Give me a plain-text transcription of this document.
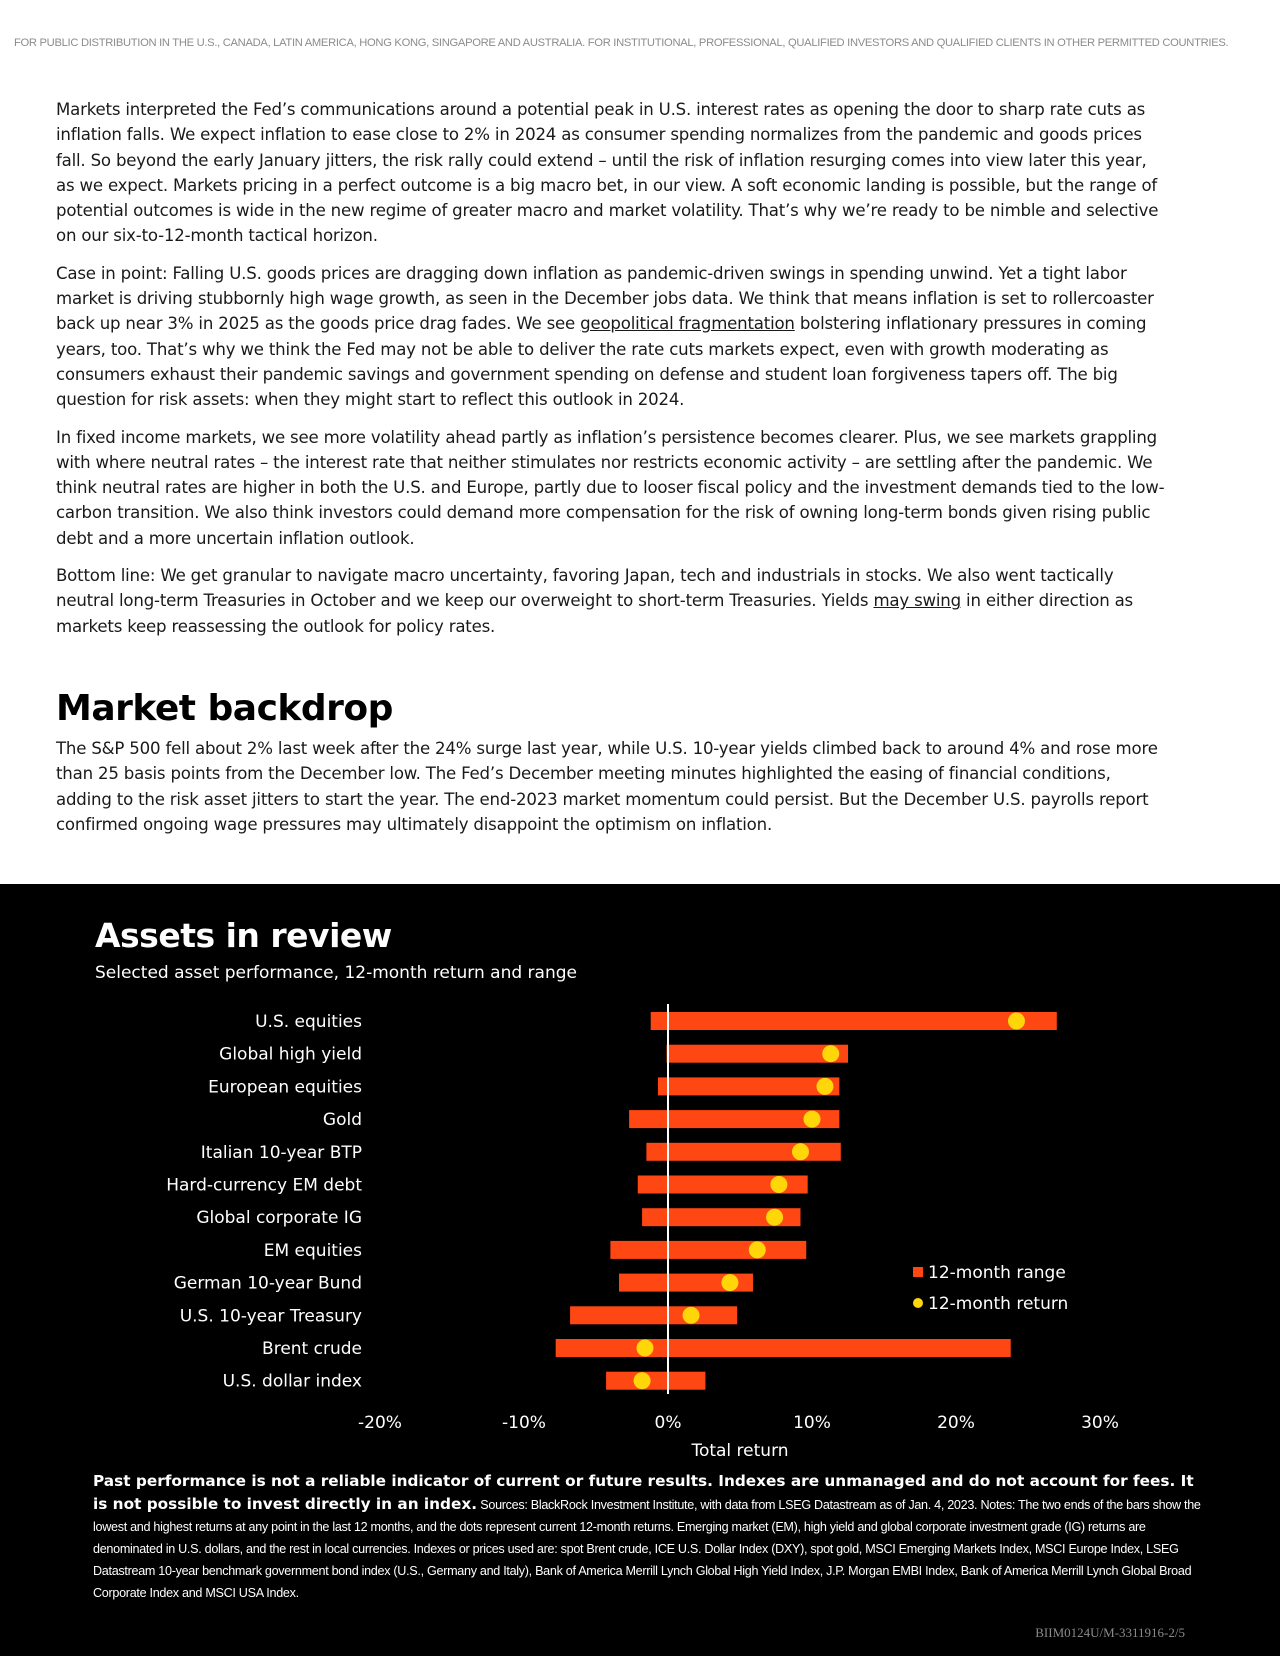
FOR PUBLIC DISTRIBUTION IN THE U.S., CANADA, LATIN AMERICA, HONG KONG, SINGAPORE AND AUSTRALIA. FOR INSTITUTIONAL, PROFESSIONAL, QUALIFIED INVESTORS AND QUALIFIED CLIENTS IN OTHER PERMITTED COUNTRIES.

Markets interpreted the Fed’s communications around a potential peak in U.S. interest rates as opening the door to sharp rate cuts as inflation falls. We expect inflation to ease close to 2% in 2024 as consumer spending normalizes from the pandemic and goods prices fall. So beyond the early January jitters, the risk rally could extend – until the risk of inflation resurging comes into view later this year, as we expect. Markets pricing in a perfect outcome is a big macro bet, in our view. A soft economic landing is possible, but the range of potential outcomes is wide in the new regime of greater macro and market volatility. That’s why we’re ready to be nimble and selective on our six-to-12-month tactical horizon.

Case in point: Falling U.S. goods prices are dragging down inflation as pandemic-driven swings in spending unwind. Yet a tight labor market is driving stubbornly high wage growth, as seen in the December jobs data. We think that means inflation is set to rollercoaster back up near 3% in 2025 as the goods price drag fades. We see geopolitical fragmentation bolstering inflationary pressures in coming years, too. That’s why we think the Fed may not be able to deliver the rate cuts markets expect, even with growth moderating as consumers exhaust their pandemic savings and government spending on defense and student loan forgiveness tapers off. The big question for risk assets: when they might start to reflect this outlook in 2024.

In fixed income markets, we see more volatility ahead partly as inflation’s persistence becomes clearer. Plus, we see markets grappling with where neutral rates – the interest rate that neither stimulates nor restricts economic activity – are settling after the pandemic. We think neutral rates are higher in both the U.S. and Europe, partly due to looser fiscal policy and the investment demands tied to the low-carbon transition. We also think investors could demand more compensation for the risk of owning long-term bonds given rising public debt and a more uncertain inflation outlook.

Bottom line: We get granular to navigate macro uncertainty, favoring Japan, tech and industrials in stocks. We also went tactically neutral long-term Treasuries in October and we keep our overweight to short-term Treasuries. Yields may swing in either direction as markets keep reassessing the outlook for policy rates.

Market backdrop

The S&P 500 fell about 2% last week after the 24% surge last year, while U.S. 10-year yields climbed back to around 4% and rose more than 25 basis points from the December low. The Fed’s December meeting minutes highlighted the easing of financial conditions, adding to the risk asset jitters to start the year. The end-2023 market momentum could persist. But the December U.S. payrolls report confirmed ongoing wage pressures may ultimately disappoint the optimism on inflation.

U.S. equities
Global high yield
European equities
Gold
Italian 10-year BTP
Hard-currency EM debt
Global corporate IG
EM equities
German 10-year Bund
U.S. 10-year Treasury
Brent crude
U.S. dollar index
-20%	-10%	0%	10%	20%	30%
Total return
12-month range
12-month return
Assets in review
Selected asset performance, 12-month return and range
Past performance is not a reliable indicator of current or future results. Indexes are unmanaged and do not account for fees. It is not possible to invest directly in an index. Sources: BlackRock Investment Institute, with data from LSEG Datastream as of Jan. 4, 2023. Notes: The two ends of the bars show the lowest and highest returns at any point in the last 12 months, and the dots represent current 12-month returns. Emerging market (EM), high yield and global corporate investment grade (IG) returns are denominated in U.S. dollars, and the rest in local currencies. Indexes or prices used are: spot Brent crude, ICE U.S. Dollar Index (DXY), spot gold, MSCI Emerging Markets Index, MSCI Europe Index, LSEG Datastream 10-year benchmark government bond index (U.S., Germany and Italy), Bank of America Merrill Lynch Global High Yield Index, J.P. Morgan EMBI Index, Bank of America Merrill Lynch Global Broad Corporate Index and MSCI USA Index.
BIIM0124U/M-3311916-2/5
